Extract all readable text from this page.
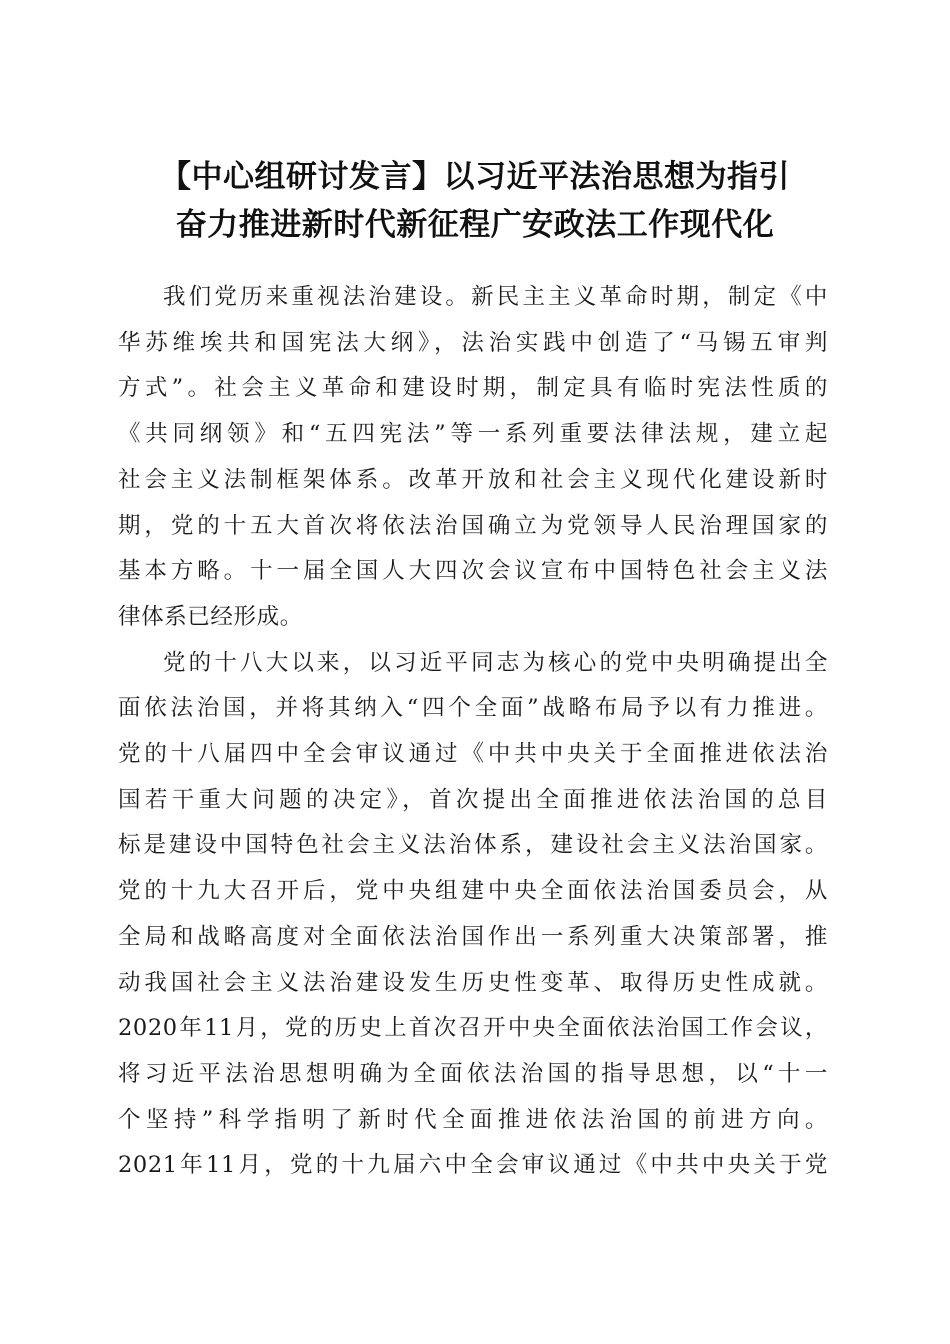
【中心组研讨发言】以习近平法治思想为指引
奋力推进新时代新征程广安政法工作现代化
我们党历来重视法治建设。新民主主义革命时期，制定《中
华苏维埃共和国宪法大纲》，法治实践中创造了“马锡五审判
方式”。社会主义革命和建设时期，制定具有临时宪法性质的
《共同纲领》和“五四宪法”等一系列重要法律法规，建立起
社会主义法制框架体系。改革开放和社会主义现代化建设新时
期，党的十五大首次将依法治国确立为党领导人民治理国家的
基本方略。十一届全国人大四次会议宣布中国特色社会主义法
律体系已经形成。
党的十八大以来，以习近平同志为核心的党中央明确提出全
面依法治国，并将其纳入“四个全面”战略布局予以有力推进。
党的十八届四中全会审议通过《中共中央关于全面推进依法治
国若干重大问题的决定》，首次提出全面推进依法治国的总目
标是建设中国特色社会主义法治体系，建设社会主义法治国家。
党的十九大召开后，党中央组建中央全面依法治国委员会，从
全局和战略高度对全面依法治国作出一系列重大决策部署，推
动我国社会主义法治建设发生历史性变革、取得历史性成就。
2020年11月，党的历史上首次召开中央全面依法治国工作会议，
将习近平法治思想明确为全面依法治国的指导思想，以“十一
个坚持”科学指明了新时代全面推进依法治国的前进方向。
2021年11月，党的十九届六中全会审议通过《中共中央关于党
